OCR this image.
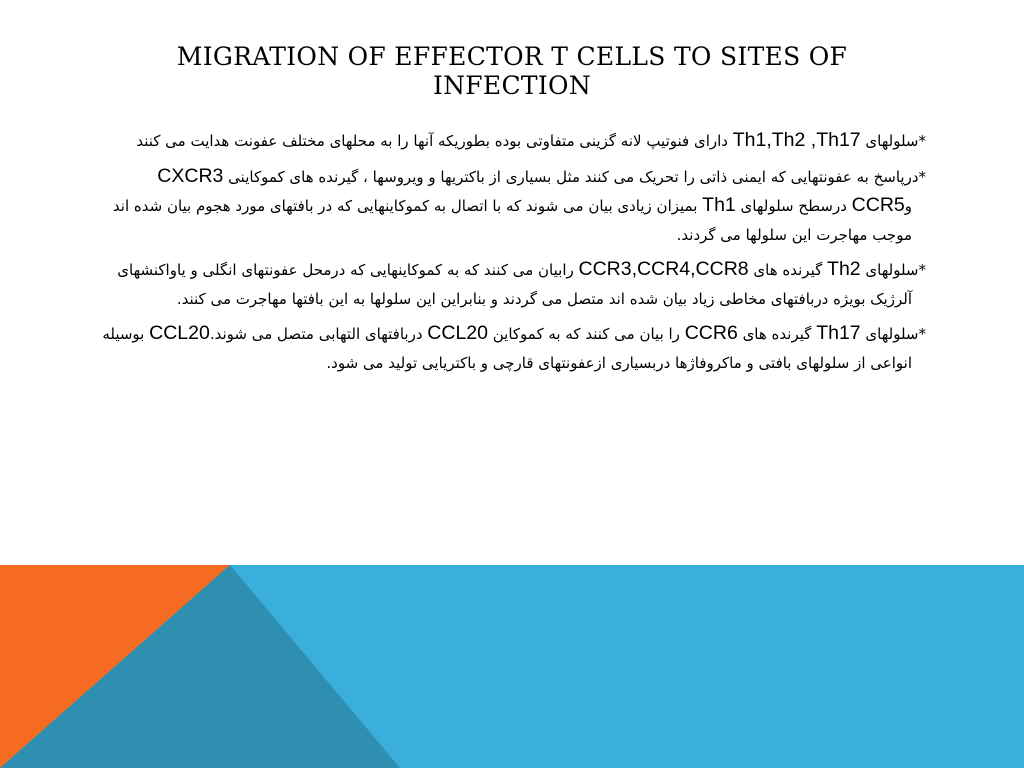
MIGRATION OF EFFECTOR T CELLS TO SITES OF INFECTION

*سلولهای Th1,Th2 ,Th17 دارای فنوتیپ لانه گزینی متفاوتی بوده بطوریکه آنها را به محلهای مختلف عفونت هدایت می کنند

*درپاسخ به عفونتهایی که ایمنی ذاتی را تحریک می کنند مثل بسیاری از باکتریها و ویروسها ، گیرنده های کموکاینی CXCR3 وCCR5 درسطح سلولهای Th1 بمیزان زیادی بیان می شوند که با اتصال به کموکاینهایی که در بافتهای مورد هجوم بیان شده اند موجب مهاجرت این سلولها می گردند.

*سلولهای Th2 گیرنده های CCR3,CCR4,CCR8 رابیان می کنند که به کموکاینهایی که درمحل عفونتهای انگلی و یاواکنشهای آلرژیک بویژه دربافتهای مخاطی زیاد بیان شده اند متصل می گردند و بنابراین این سلولها به این بافتها مهاجرت می کنند.

*سلولهای Th17 گیرنده های CCR6 را بیان می کنند که به کموکاین CCL20 دربافتهای التهابی متصل می شوند.CCL20 بوسیله انواعی از سلولهای بافتی و ماکروفاژها دربسیاری ازعفونتهای قارچی و باکتریایی تولید می شود.
